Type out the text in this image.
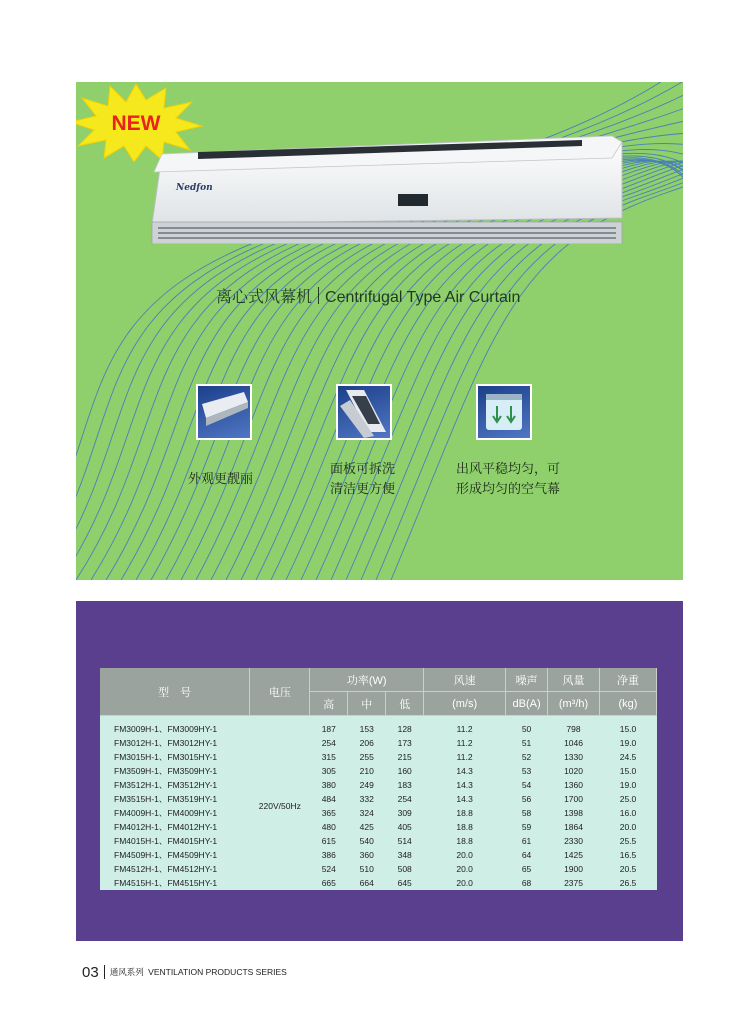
NEW
Nedfon
离心式风幕机 Centrifugal Type Air Curtain
外观更靓丽
面板可拆洗
清洁更方便
出风平稳均匀，可
形成均匀的空气幕
型　号	电压	功率(W)			风速	噪声	风量	净重
		高	中	低	(m/s)	dB(A)	(m³/h)	(kg)

FM3009H-1、FM3009HY-1	220V/50Hz	187	153	128	11.2	50	798	15.0
FM3012H-1、FM3012HY-1		254	206	173	11.2	51	1046	19.0
FM3015H-1、FM3015HY-1		315	255	215	11.2	52	1330	24.5
FM3509H-1、FM3509HY-1		305	210	160	14.3	53	1020	15.0
FM3512H-1、FM3512HY-1		380	249	183	14.3	54	1360	19.0
FM3515H-1、FM3519HY-1		484	332	254	14.3	56	1700	25.0
FM4009H-1、FM4009HY-1		365	324	309	18.8	58	1398	16.0
FM4012H-1、FM4012HY-1		480	425	405	18.8	59	1864	20.0
FM4015H-1、FM4015HY-1		615	540	514	18.8	61	2330	25.5
FM4509H-1、FM4509HY-1		386	360	348	20.0	64	1425	16.5
FM4512H-1、FM4512HY-1		524	510	508	20.0	65	1900	20.5
FM4515H-1、FM4515HY-1		665	664	645	20.0	68	2375	26.5
03 通风系列 VENTILATION PRODUCTS SERIES
